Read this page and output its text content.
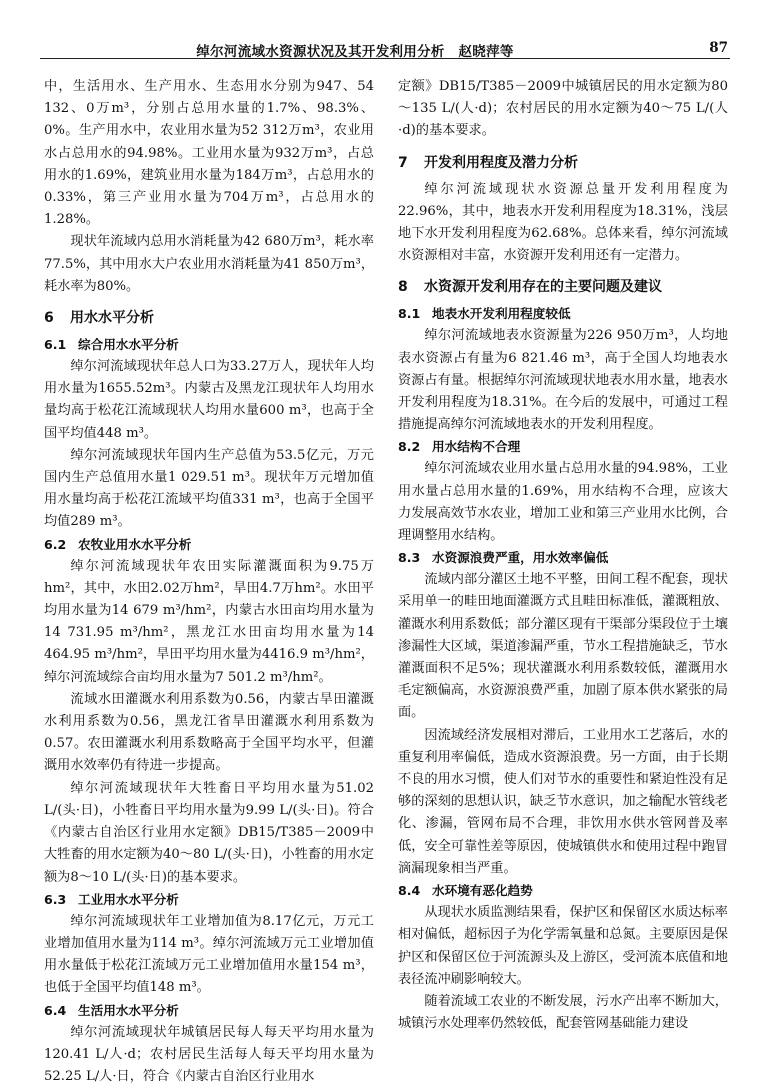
绰尔河流域水资源状况及其开发利用分析　赵晓萍等	87

中，生活用水、生产用水、生态用水分别为947、54 132、0万m³，分别占总用水量的1.7%、98.3%、0%。生产用水中，农业用水量为52 312万m³，农业用水占总用水的94.98%。工业用水量为932万m³，占总用水的1.69%，建筑业用水量为184万m³，占总用水的0.33%，第三产业用水量为704万m³，占总用水的1.28%。

现状年流域内总用水消耗量为42 680万m³，耗水率77.5%，其中用水大户农业用水消耗量为41 850万m³，耗水率为80%。

6 用水水平分析
6.1 综合用水水平分析

绰尔河流域现状年总人口为33.27万人，现状年人均用水量为1655.52m³。内蒙古及黑龙江现状年人均用水量均高于松花江流域现状人均用水量600 m³，也高于全国平均值448 m³。

绰尔河流域现状年国内生产总值为53.5亿元，万元国内生产总值用水量1 029.51 m³。现状年万元增加值用水量均高于松花江流域平均值331 m³，也高于全国平均值289 m³。

6.2 农牧业用水水平分析

绰尔河流域现状年农田实际灌溉面积为9.75万hm²，其中，水田2.02万hm²，旱田4.7万hm²。水田平均用水量为14 679 m³/hm²，内蒙古水田亩均用水量为14 731.95 m³/hm²，黑龙江水田亩均用水量为14 464.95 m³/hm²，旱田平均用水量为4416.9 m³/hm²，绰尔河流域综合亩均用水量为7 501.2 m³/hm²。

流域水田灌溉水利用系数为0.56，内蒙古旱田灌溉水利用系数为0.56，黑龙江省旱田灌溉水利用系数为0.57。农田灌溉水利用系数略高于全国平均水平，但灌溉用水效率仍有待进一步提高。

绰尔河流域现状年大牲畜日平均用水量为51.02 L/(头·日)，小牲畜日平均用水量为9.99 L/(头·日)。符合《内蒙古自治区行业用水定额》DB15/T385－2009中大牲畜的用水定额为40～80 L/(头·日)，小牲畜的用水定额为8～10 L/(头·日)的基本要求。

6.3 工业用水水平分析

绰尔河流域现状年工业增加值为8.17亿元，万元工业增加值用水量为114 m³。绰尔河流域万元工业增加值用水量低于松花江流域万元工业增加值用水量154 m³，也低于全国平均值148 m³。

6.4 生活用水水平分析

绰尔河流域现状年城镇居民每人每天平均用水量为120.41 L/人·d；农村居民生活每人每天平均用水量为52.25 L/人·日，符合《内蒙古自治区行业用水

定额》DB15/T385－2009中城镇居民的用水定额为80～135 L/(人·d)；农村居民的用水定额为40～75 L/(人·d)的基本要求。

7 开发利用程度及潜力分析

绰尔河流域现状水资源总量开发利用程度为22.96%，其中，地表水开发利用程度为18.31%，浅层地下水开发利用程度为62.68%。总体来看，绰尔河流域水资源相对丰富，水资源开发利用还有一定潜力。

8 水资源开发利用存在的主要问题及建议
8.1 地表水开发利用程度较低

绰尔河流域地表水资源量为226 950万m³，人均地表水资源占有量为6 821.46 m³，高于全国人均地表水资源占有量。根据绰尔河流域现状地表水用水量，地表水开发利用程度为18.31%。在今后的发展中，可通过工程措施提高绰尔河流域地表水的开发利用程度。

8.2 用水结构不合理

绰尔河流域农业用水量占总用水量的94.98%，工业用水量占总用水量的1.69%，用水结构不合理，应该大力发展高效节水农业，增加工业和第三产业用水比例，合理调整用水结构。

8.3 水资源浪费严重，用水效率偏低

流域内部分灌区土地不平整，田间工程不配套，现状采用单一的畦田地面灌溉方式且畦田标准低，灌溉粗放、灌溉水利用系数低；部分灌区现有干渠部分渠段位于土壤渗漏性大区域，渠道渗漏严重，节水工程措施缺乏，节水灌溉面积不足5%；现状灌溉水利用系数较低，灌溉用水毛定额偏高，水资源浪费严重，加剧了原本供水紧张的局面。

因流域经济发展相对滞后，工业用水工艺落后，水的重复利用率偏低，造成水资源浪费。另一方面，由于长期不良的用水习惯，使人们对节水的重要性和紧迫性没有足够的深刻的思想认识，缺乏节水意识，加之输配水管线老化、渗漏，管网布局不合理，非饮用水供水管网普及率低，安全可靠性差等原因，使城镇供水和使用过程中跑冒滴漏现象相当严重。

8.4 水环境有恶化趋势

从现状水质监测结果看，保护区和保留区水质达标率相对偏低，超标因子为化学需氧量和总氮。主要原因是保护区和保留区位于河流源头及上游区，受河流本底值和地表径流冲刷影响较大。

随着流域工农业的不断发展，污水产出率不断加大，城镇污水处理率仍然较低，配套管网基础能力建设
